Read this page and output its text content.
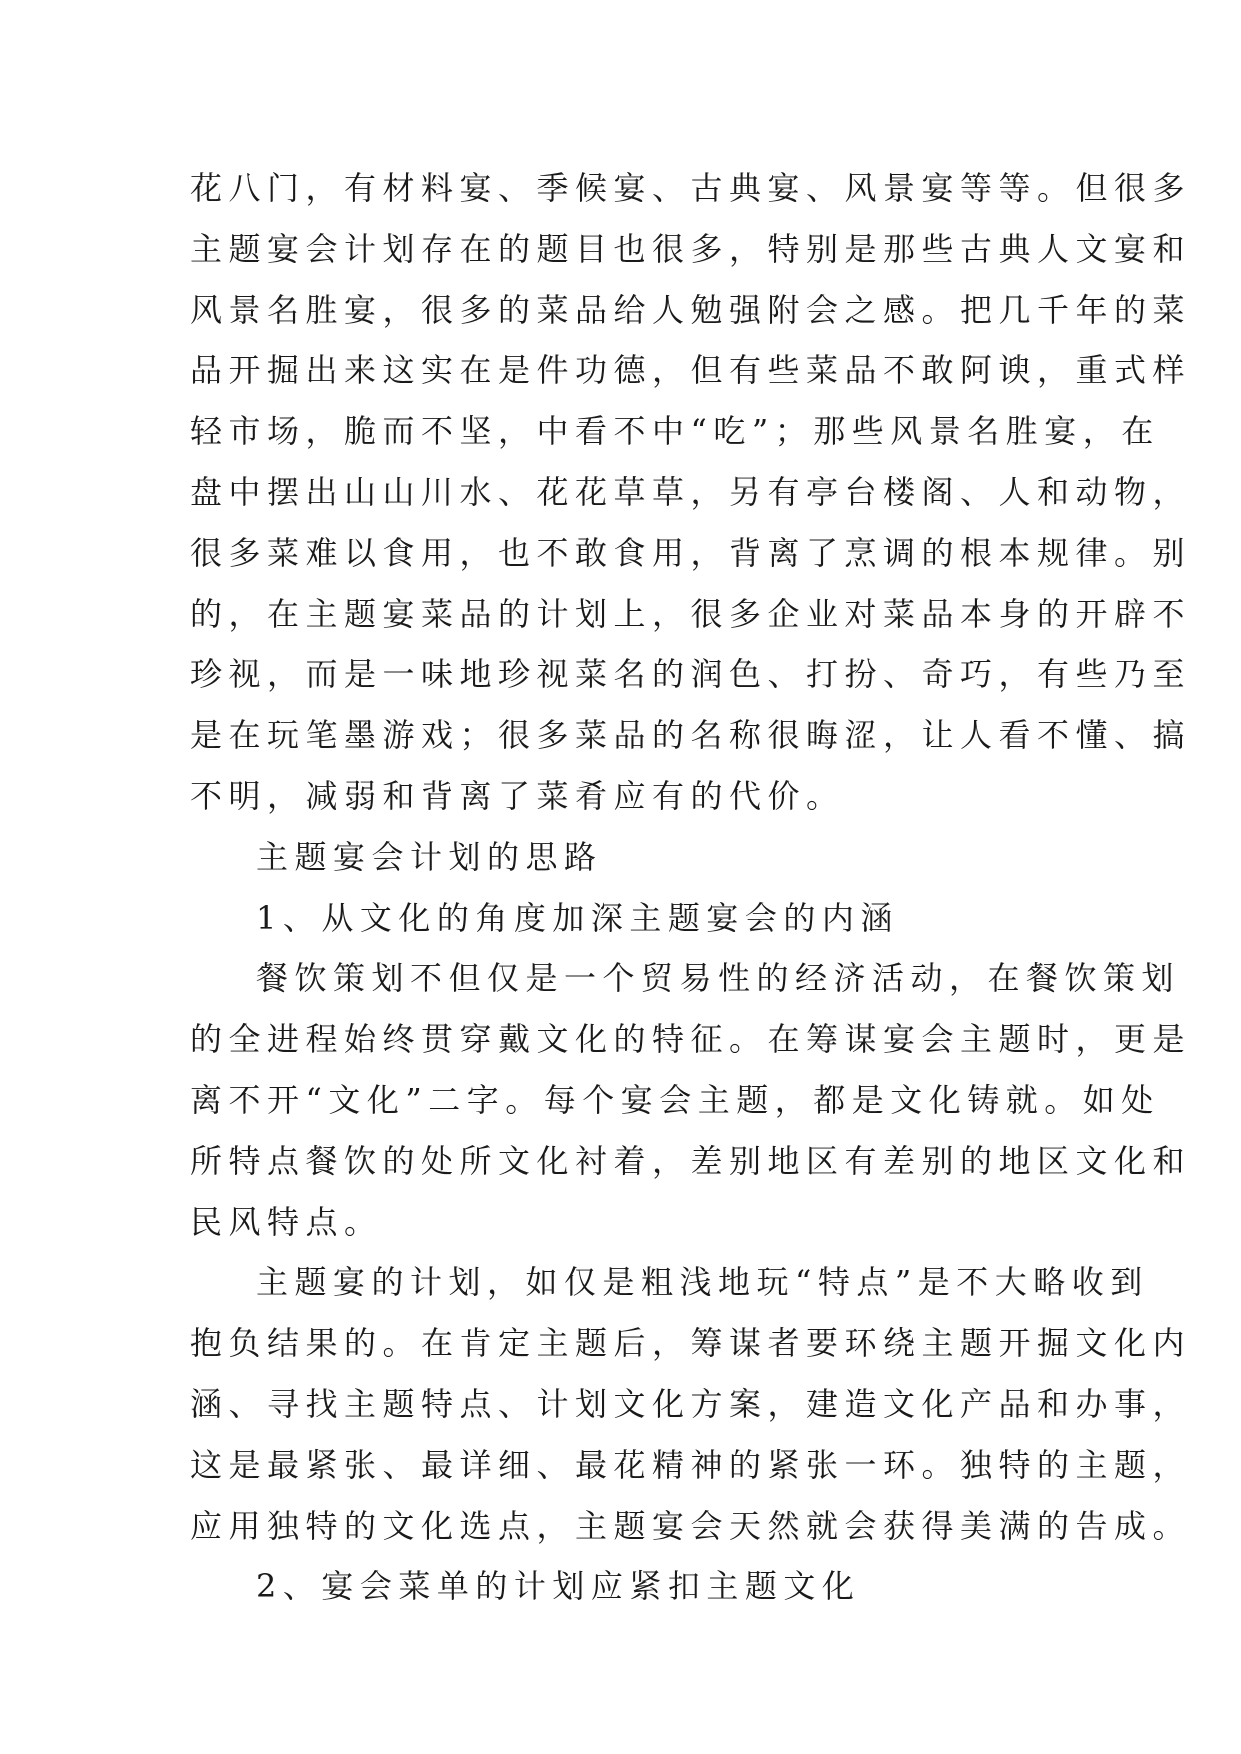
花八门，有材料宴、季候宴、古典宴、风景宴等等。但很多
主题宴会计划存在的题目也很多，特别是那些古典人文宴和
风景名胜宴，很多的菜品给人勉强附会之感。把几千年的菜
品开掘出来这实在是件功德，但有些菜品不敢阿谀，重式样
轻市场，脆而不坚，中看不中“吃”；那些风景名胜宴，在
盘中摆出山山川水、花花草草，另有亭台楼阁、人和动物，
很多菜难以食用，也不敢食用，背离了烹调的根本规律。别
的，在主题宴菜品的计划上，很多企业对菜品本身的开辟不
珍视，而是一味地珍视菜名的润色、打扮、奇巧，有些乃至
是在玩笔墨游戏；很多菜品的名称很晦涩，让人看不懂、搞
不明，减弱和背离了菜肴应有的代价。
主题宴会计划的思路
1、从文化的角度加深主题宴会的内涵
餐饮策划不但仅是一个贸易性的经济活动，在餐饮策划
的全进程始终贯穿戴文化的特征。在筹谋宴会主题时，更是
离不开“文化”二字。每个宴会主题，都是文化铸就。如处
所特点餐饮的处所文化衬着，差别地区有差别的地区文化和
民风特点。
主题宴的计划，如仅是粗浅地玩“特点”是不大略收到
抱负结果的。在肯定主题后，筹谋者要环绕主题开掘文化内
涵、寻找主题特点、计划文化方案，建造文化产品和办事，
这是最紧张、最详细、最花精神的紧张一环。独特的主题，
应用独特的文化选点，主题宴会天然就会获得美满的告成。
2、宴会菜单的计划应紧扣主题文化
